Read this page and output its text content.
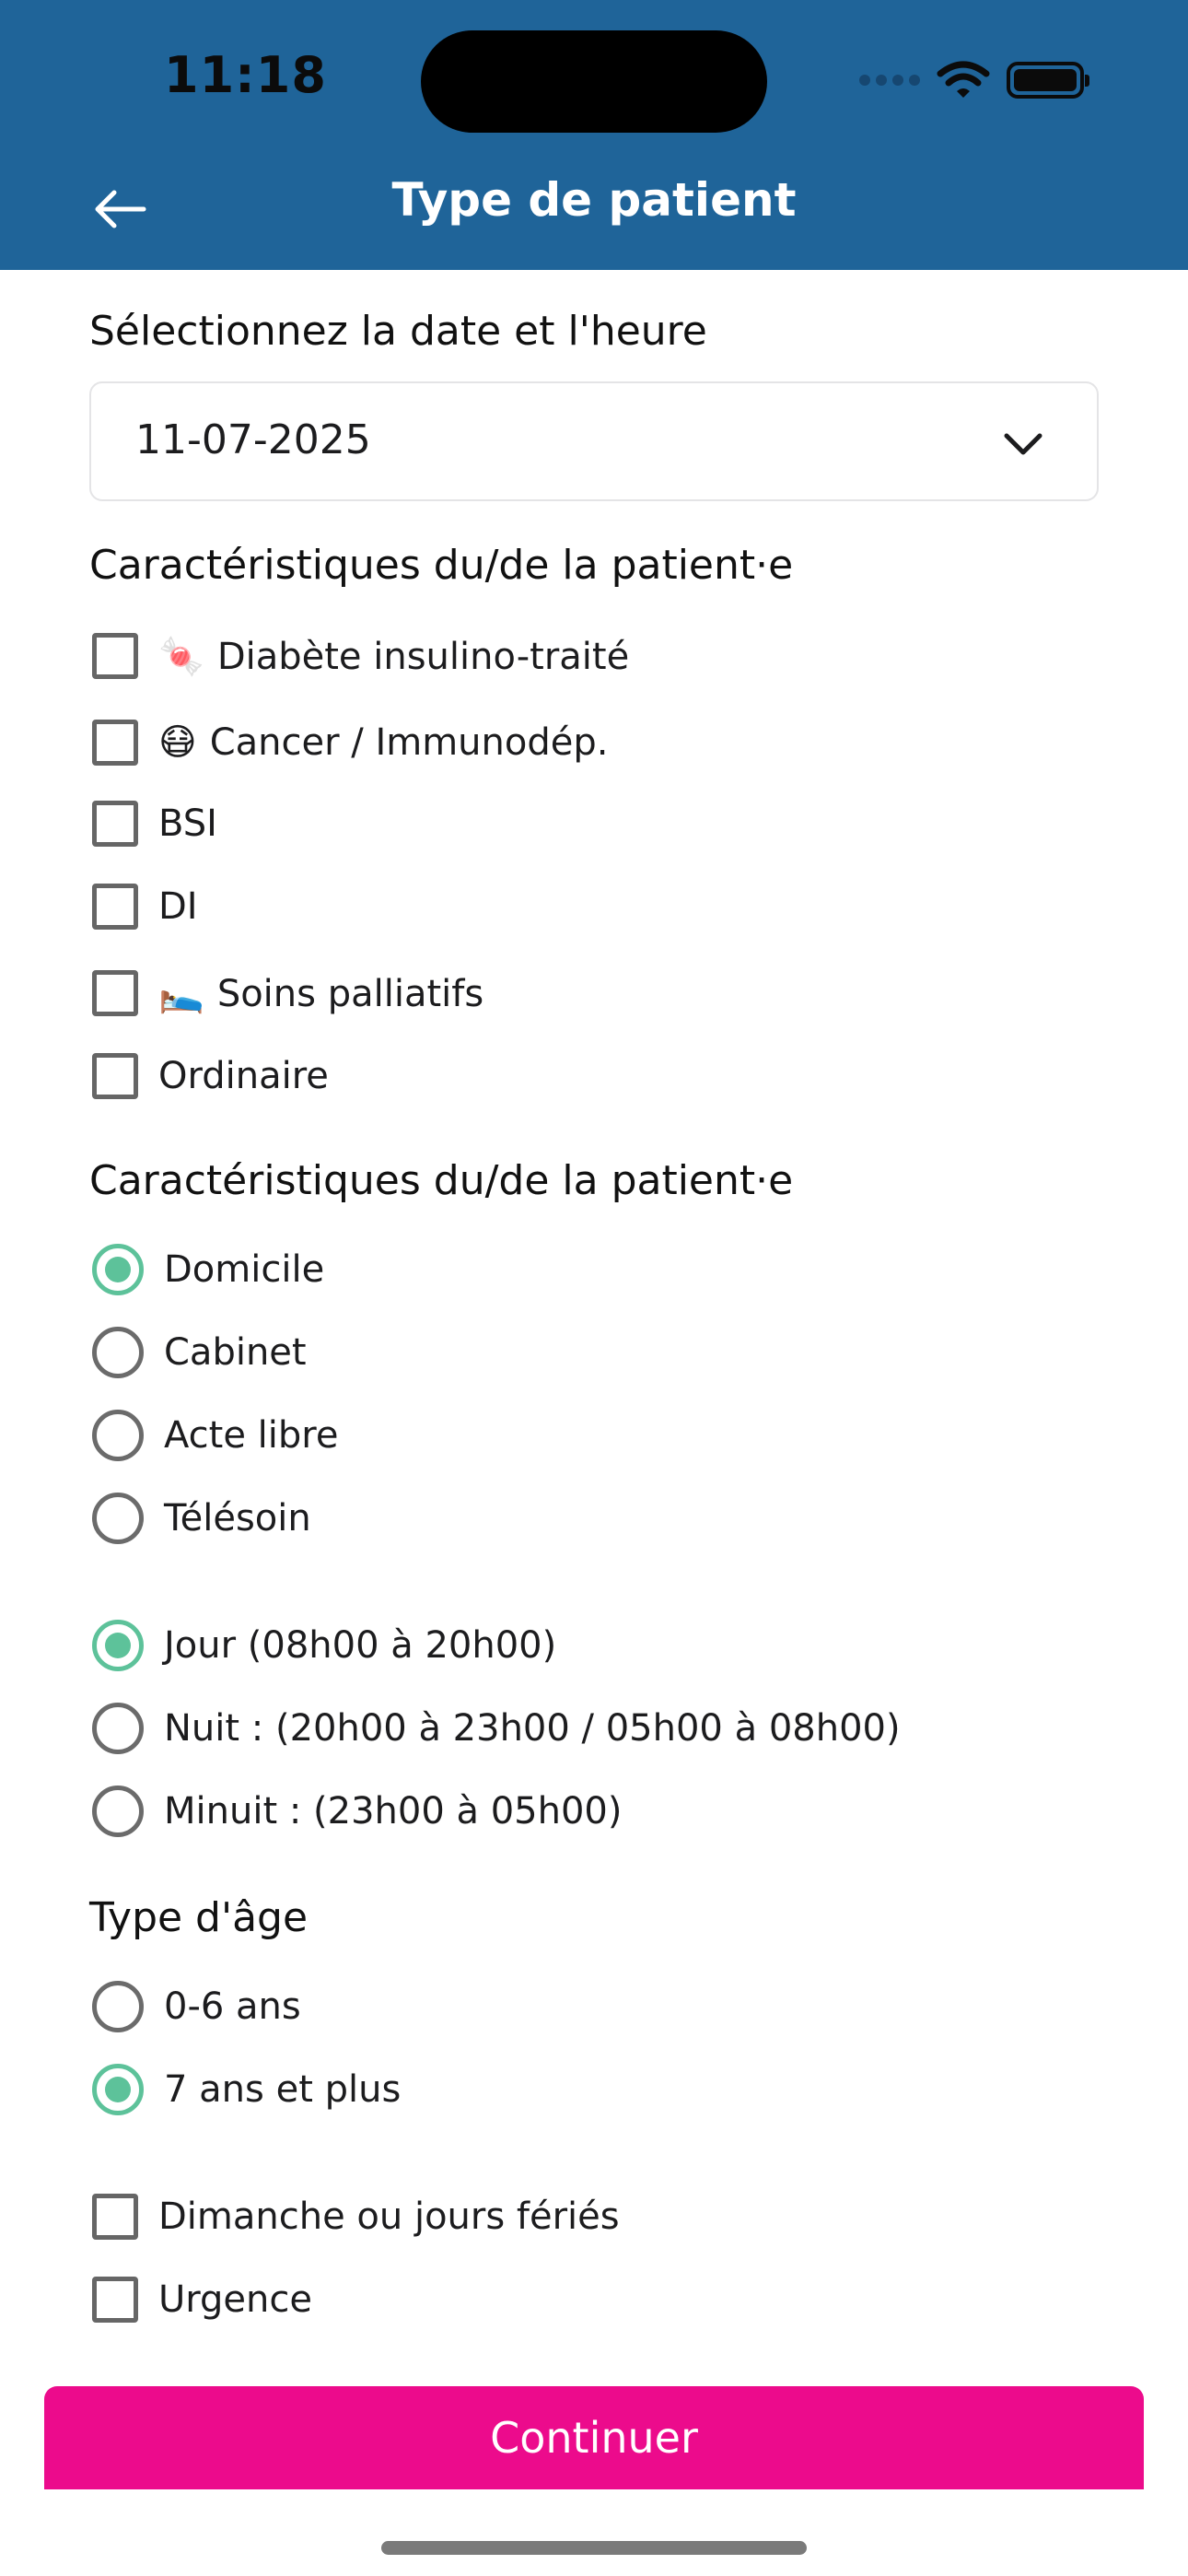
11:18
Type de patient
Sélectionnez la date et l'heure
11-07-2025
Caractéristiques du/de la patient·e
🍬 Diabète insulino-traité
😷 Cancer / Immunodép.
BSI
DI
🛌 Soins palliatifs
Ordinaire
Caractéristiques du/de la patient·e
Domicile
Cabinet
Acte libre
Télésoin
Jour (08h00 à 20h00)
Nuit : (20h00 à 23h00 / 05h00 à 08h00)
Minuit : (23h00 à 05h00)
Type d'âge
0-6 ans
7 ans et plus
Dimanche ou jours fériés
Urgence
Continuer
